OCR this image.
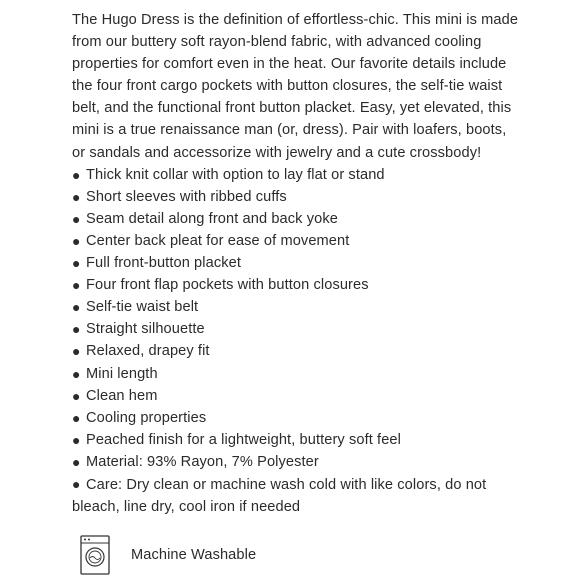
The Hugo Dress is the definition of effortless-chic. This mini is made from our buttery soft rayon-blend fabric, with advanced cooling properties for comfort even in the heat. Our favorite details include the four front cargo pockets with button closures, the self-tie waist belt, and the functional front button placket. Easy, yet elevated, this mini is a true renaissance man (or, dress). Pair with loafers, boots, or sandals and accessorize with jewelry and a cute crossbody!

● Thick knit collar with option to lay flat or stand
● Short sleeves with ribbed cuffs
● Seam detail along front and back yoke
● Center back pleat for ease of movement
● Full front-button placket
● Four front flap pockets with button closures
● Self-tie waist belt
● Straight silhouette
● Relaxed, drapey fit
● Mini length
● Clean hem
● Cooling properties
● Peached finish for a lightweight, buttery soft feel
● Material: 93% Rayon, 7% Polyester
● Care: Dry clean or machine wash cold with like colors, do not bleach, line dry, cool iron if needed
Machine Washable
